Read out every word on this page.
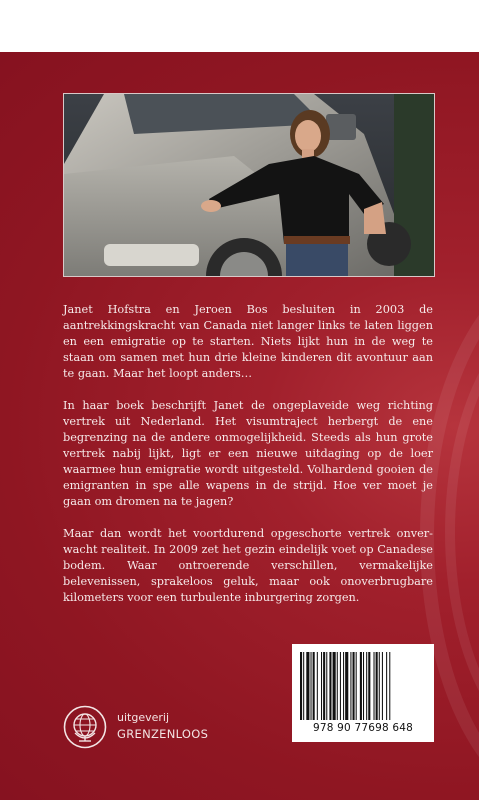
Janet Hofstra en Jeroen Bos besluiten in 2003 de aantrekkingskracht van Canada niet langer links te laten liggen en een emigratie op te starten. Niets lijkt hun in de weg te staan om samen met hun drie kleine kinderen dit avontuur aan te gaan. Maar het loopt anders…

In haar boek beschrijft Janet de ongeplaveide weg richting vertrek uit Nederland. Het visumtraject herbergt de ene begrenzing na de andere onmogelijkheid. Steeds als hun grote vertrek nabij lijkt, ligt er een nieuwe uitdaging op de loer waarmee hun emigratie wordt uitgesteld. Volhardend gooien de emigranten in spe alle wapens in de strijd. Hoe ver moet je gaan om dromen na te jagen?

Maar dan wordt het voortdurend opgeschorte vertrek onver-wacht realiteit. In 2009 zet het gezin eindelijk voet op Canadese bodem. Waar ontroerende verschillen, vermakelijke belevenissen, sprakeloos geluk, maar ook onoverbrugbare kilometers voor een turbulente inburgering zorgen.

uitgeverij
GRENZENLOOS	978 90 77698 648
